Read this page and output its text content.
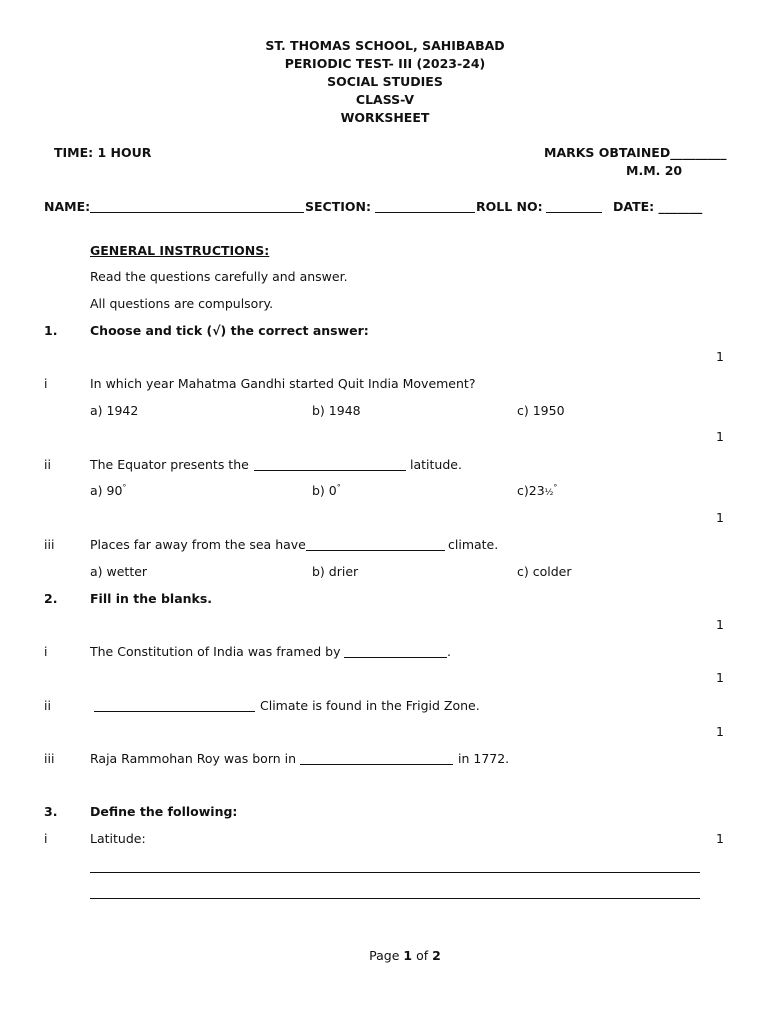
ST. THOMAS SCHOOL, SAHIBABAD
PERIODIC TEST- III (2023-24)
SOCIAL STUDIES
CLASS-V
WORKSHEET
TIME: 1 HOUR	MARKS OBTAINED_________
M.M. 20
NAME:	SECTION:	ROLL NO:	DATE: _______
GENERAL INSTRUCTIONS:
Read the questions carefully and answer.
All questions are compulsory.
1.	Choose and tick (√) the correct answer:
1
i	In which year Mahatma Gandhi started Quit India Movement?
a) 1942	b) 1948	c) 1950
1
ii	The Equator presents the	latitude.
a) 90°	b) 0°	c)23½°
1
iii	Places far away from the sea have	climate.
a) wetter	b) drier	c) colder
2.	Fill in the blanks.
1
i	The Constitution of India was framed by	.
1
ii	Climate is found in the Frigid Zone.
1
iii	Raja Rammohan Roy was born in	in 1772.
3.	Define the following:
i	Latitude:	1
Page 1 of 2
